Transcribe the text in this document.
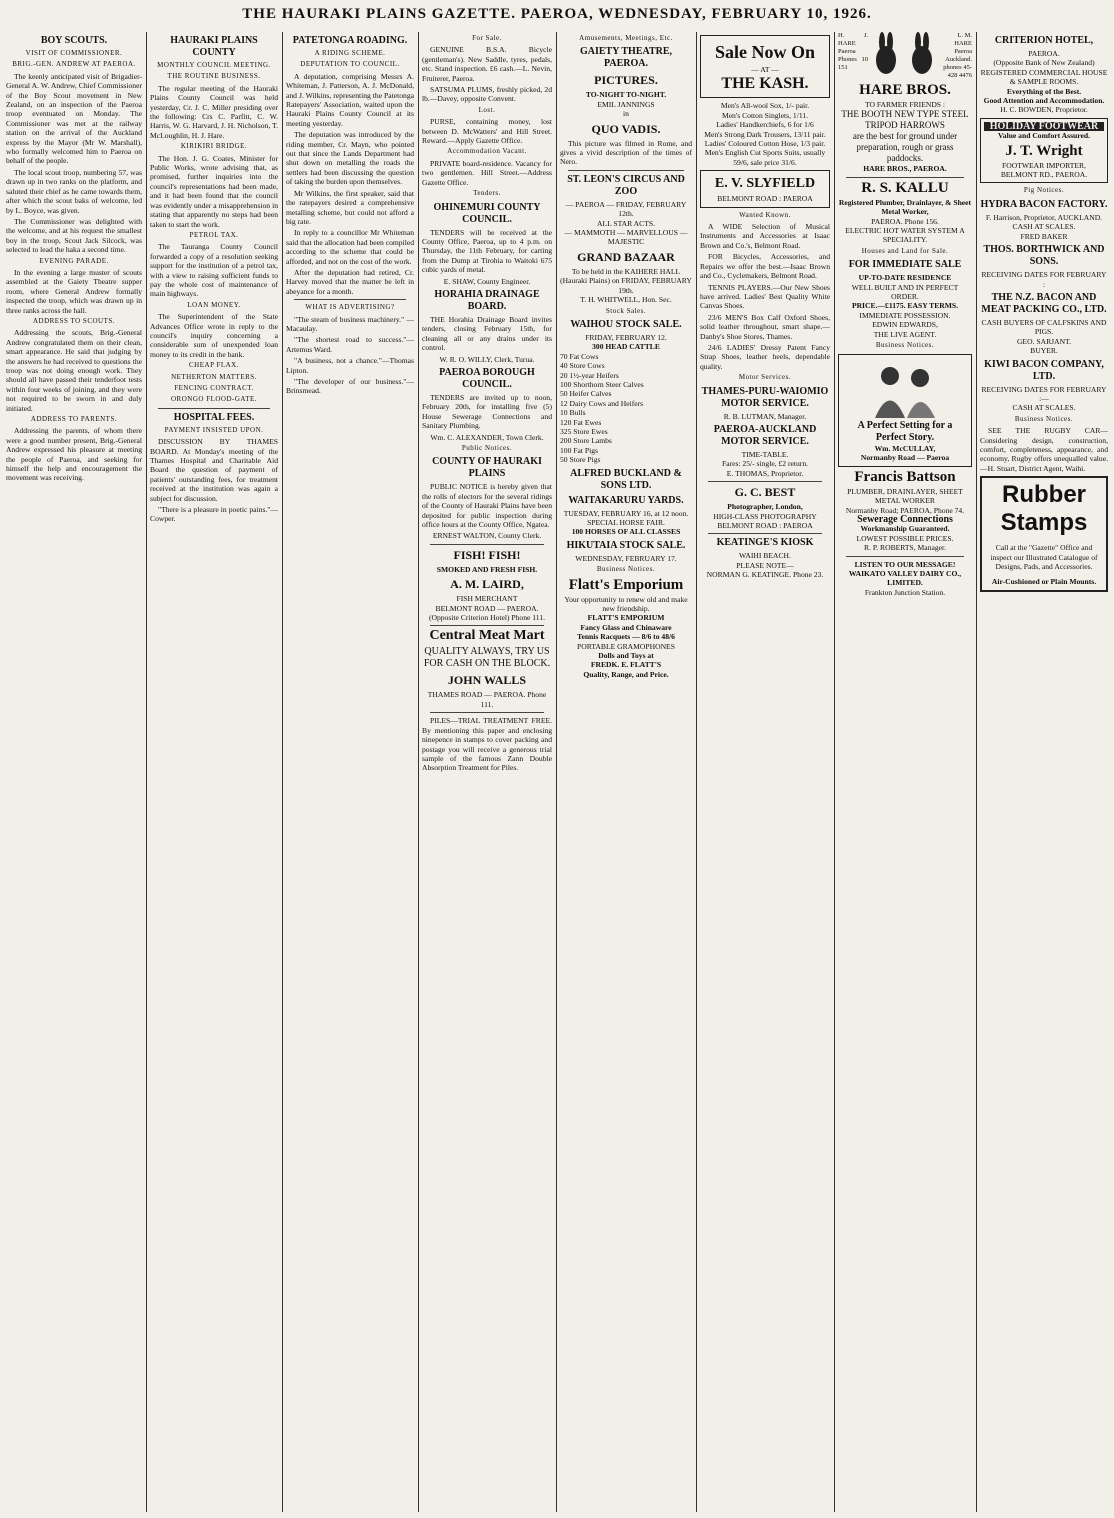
THE HAURAKI PLAINS GAZETTE. PAEROA, WEDNESDAY, FEBRUARY 10, 1926.
BOY SCOUTS.
VISIT OF COMMISSIONER.
BRIG.-GEN. ANDREW AT PAEROA.

The keenly anticipated visit of Brigadier-General A. W. Andrew, Chief Commissioner of the Boy Scout movement in New Zealand, on an inspection of the Paeroa troop eventuated on Monday. The Commissioner was met at the railway station on the arrival of the Auckland express by the Mayor (Mr W. Marshall), who formally welcomed him to Paeroa on behalf of the people.

The local scout troop, numbering 57, was drawn up in two ranks on the platform, and saluted their chief as he came towards them, after which the scout baks of welcome, led by L. Boyce, was given.

The Commissioner was delighted with the welcome, and at his request the smallest boy in the troop, Scout Jack Silcock, was selected to lead the haka a second time.

EVENING PARADE.

In the evening a large muster of scouts assembled at the Gaiety Theatre supper room, where General Andrew formally inspected the troop, which was drawn up in three ranks across the hall.

ADDRESS TO SCOUTS.

Addressing the scouts, Brig.-General Andrew congratulated them on their clean, smart appearance. He said that judging by the answers he had received to questions the troop was not doing enough work. They should all have passed their tenderfoot tests within four weeks of joining, and they were not required to be sworn in and duly initiated.

ADDRESS TO PARENTS.

Addressing the parents, of whom there were a good number present, Brig.-General Andrew expressed his pleasure at meeting the people of Paeroa, and seeking for himself the help and encouragement the movement was receiving.

HAURAKI PLAINS COUNTY
MONTHLY COUNCIL MEETING.
THE ROUTINE BUSINESS.

The regular meeting of the Hauraki Plains County Council was held yesterday, Cr. J. C. Miller presiding over the following: Crs C. Parfitt, C. W. Harris, W. G. Harvard, J. H. Nicholson, T. McLoughlin, H. J. Hare.

KIRIKIRI BRIDGE.

The Hon. J. G. Coates, Minister for Public Works, wrote advising that, as promised, further inquiries into the council's representations had been made, and it had been found that the council was evidently under a misapprehension in stating that apparently no steps had been taken to start the work.

PETROL TAX.

The Tauranga County Council forwarded a copy of a resolution seeking support for the institution of a petrol tax, with a view to raising sufficient funds to pay the whole cost of maintenance of main highways.

LOAN MONEY.

The Superintendent of the State Advances Office wrote in reply to the council's inquiry concerning a considerable sum of unexpended loan money to its credit in the bank.

CHEAP FLAX.
NETHERTON MATTERS.
FENCING CONTRACT.
ORONGO FLOOD-GATE.
HOSPITAL FEES.
PAYMENT INSISTED UPON.

DISCUSSION BY THAMES BOARD. At Monday's meeting of the Thames Hospital and Charitable Aid Board the question of payment of patients' outstanding fees, for treatment received at the institution was again a subject for discussion.

"There is a pleasure in poetic pains."—Cowper.

PATETONGA ROADING.
A RIDING SCHEME.
DEPUTATION TO COUNCIL.

A deputation, comprising Messrs A. Whiteman, J. Patterson, A. J. McDonald, and J. Wilkins, representing the Patetonga Ratepayers' Association, waited upon the Hauraki Plains County Council at its meeting yesterday.

The deputation was introduced by the riding member, Cr. Mayn, who pointed out that since the Lands Department had shut down on metalling the roads the settlers had been discussing the question of taking the burden upon themselves.

Mr Wilkins, the first speaker, said that the ratepayers desired a comprehensive metalling scheme, but could not afford a big rate.

In reply to a councillor Mr Whiteman said that the allocation had been compiled according to the scheme that could be afforded, and not on the cost of the work.

After the deputation had retired, Cr. Harvey moved that the matter be left in abeyance for a month.

WHAT IS ADVERTISING?

"The steam of business machinery." —Macaulay.

"The shortest road to success."—Artemus Ward.

"A business, not a chance."—Thomas Lipton.

"The developer of our business."—Brinsmead.

For Sale.

GENUINE B.S.A. Bicycle (gentleman's). New Saddle, tyres, pedals, etc. Stand inspection. £6 cash.—L. Nevin, Fruiterer, Paeroa.

SATSUMA PLUMS, freshly picked, 2d lb.—Davey, opposite Convent.

Lost.

PURSE, containing money, lost between D. McWatters' and Hill Street. Reward.—Apply Gazette Office.

Accommodation Vacant.

PRIVATE board-residence. Vacancy for two gentlemen. Hill Street.—Address Gazette Office.

Tenders.
OHINEMURI COUNTY COUNCIL.

TENDERS will be received at the County Office, Paeroa, up to 4 p.m. on Thursday, the 11th February, for carting from the Dump at Tirohia to Waitoki 675 cubic yards of metal.

E. SHAW, County Engineer.
HORAHIA DRAINAGE BOARD.

THE Horahia Drainage Board invites tenders, closing February 15th, for cleaning all or any drains under its control.

W. R. O. WILLY, Clerk, Turua.
PAEROA BOROUGH COUNCIL.

TENDERS are invited up to noon, February 20th, for installing five (5) House Sewerage Connections and Sanitary Plumbing.

Wm. C. ALEXANDER, Town Clerk.
Public Notices.
COUNTY OF HAURAKI PLAINS

PUBLIC NOTICE is hereby given that the rolls of electors for the several ridings of the County of Hauraki Plains have been deposited for public inspection during office hours at the County Office, Ngatea.

ERNEST WALTON, County Clerk.
FISH! FISH!
SMOKED AND FRESH FISH.
A. M. LAIRD,
FISH MERCHANT
BELMONT ROAD — PAEROA. (Opposite Criterion Hotel) Phone 111.
Central Meat Mart
QUALITY ALWAYS, TRY US FOR CASH ON THE BLOCK.
JOHN WALLS
THAMES ROAD — PAEROA. Phone 111.

PILES—TRIAL TREATMENT FREE. By mentioning this paper and enclosing ninepence in stamps to cover packing and postage you will receive a generous trial sample of the famous Zann Double Absorption Treatment for Piles.

Amusements, Meetings, Etc.
GAIETY THEATRE, PAEROA.
PICTURES.
TO-NIGHT TO-NIGHT.
EMIL JANNINGS
in
QUO VADIS.

This picture was filmed in Rome, and gives a vivid description of the times of Nero.

ST. LEON'S CIRCUS AND ZOO
— PAEROA — FRIDAY, FEBRUARY 12th.
ALL STAR ACTS.
— MAMMOTH — MARVELLOUS — MAJESTIC
GRAND BAZAAR
To be held in the KAIHERE HALL (Hauraki Plains) on FRIDAY, FEBRUARY 19th.
T. H. WHITWELL, Hon. Sec.
Stock Sales.
WAIHOU STOCK SALE.
FRIDAY, FEBRUARY 12.
300 HEAD CATTLE
70 Fat Cows
40 Store Cows
20 1½-year Heifers
100 Shorthorn Steer Calves
50 Heifer Calves
12 Dairy Cows and Heifers
10 Bulls
120 Fat Ewes
325 Store Ewes
200 Store Lambs
100 Fat Pigs
50 Store Pigs
ALFRED BUCKLAND & SONS LTD.
WAITAKARURU YARDS.
TUESDAY, FEBRUARY 16, at 12 noon.
SPECIAL HORSE FAIR.
100 HORSES OF ALL CLASSES
HIKUTAIA STOCK SALE.
WEDNESDAY, FEBRUARY 17.
Business Notices.
Flatt's Emporium
Your opportunity to renew old and make new friendship.
FLATT'S EMPORIUM
Fancy Glass and Chinaware
Tennis Racquets — 8/6 to 48/6
PORTABLE GRAMOPHONES
Dolls and Toys at
FREDK. E. FLATT'S
Quality, Range, and Price.
Sale Now On
— AT —
THE KASH.
Men's All-wool Sox, 1/- pair.
Men's Cotton Singlets, 1/11.
Ladies' Handkerchiefs, 6 for 1/6
Men's Strong Dark Trousers, 13/11 pair.
Ladies' Coloured Cotton Hose, 1/3 pair.
Men's English Cut Sports Suits, usually 59/6, sale price 31/6.
E. V. SLYFIELD
BELMONT ROAD : PAEROA
Wanted Known.

A WIDE Selection of Musical Instruments and Accessories at Isaac Brown and Co.'s, Belmont Road.

FOR Bicycles, Accessories, and Repairs we offer the best.—Isaac Brown and Co., Cyclemakers, Belmont Road.

TENNIS PLAYERS.—Our New Shoes have arrived. Ladies' Best Quality White Canvas Shoes.

23/6 MEN'S Box Calf Oxford Shoes, solid leather throughout, smart shape.—Danby's Shoe Stores, Thames.

24/6 LADIES' Dressy Patent Fancy Strap Shoes, leather heels, dependable quality.

Motor Services.
THAMES-PURU-WAIOMIO MOTOR SERVICE.
R. B. LUTMAN, Manager.
PAEROA-AUCKLAND MOTOR SERVICE.
TIME-TABLE.
Fares: 25/- single, £2 return.
E. THOMAS, Proprietor.
G. C. BEST
Photographer, London,
HIGH-CLASS PHOTOGRAPHY
BELMONT ROAD : PAEROA
KEATINGE'S KIOSK
WAIHI BEACH.
PLEASE NOTE—
NORMAN G. KEATINGE. Phone 23.
H. J. HARE Paeroa Phones 10 151
L. M. HARE Paeroa Auckland. phones 45-428 4476
HARE BROS.
TO FARMER FRIENDS :
THE BOOTH NEW TYPE STEEL TRIPOD HARROWS
are the best for ground under preparation, rough or grass paddocks.
HARE BROS., PAEROA.
R. S. KALLU
Registered Plumber, Drainlayer, & Sheet Metal Worker,
PAEROA. Phone 156.
ELECTRIC HOT WATER SYSTEM A SPECIALITY.
Houses and Land for Sale.
FOR IMMEDIATE SALE
UP-TO-DATE RESIDENCE
WELL BUILT AND IN PERFECT ORDER.
PRICE.—£1175. EASY TERMS.
IMMEDIATE POSSESSION.
EDWIN EDWARDS,
THE LIVE AGENT.
Business Notices.
A Perfect Setting for a Perfect Story.
Wm. McCULLAY,
Normanby Road — Paeroa
Francis Battson
PLUMBER, DRAINLAYER, SHEET METAL WORKER
Normanby Road; PAEROA, Phone 74.
Sewerage Connections
Workmanship Guaranteed.
LOWEST POSSIBLE PRICES.
R. P. ROBERTS, Manager.
LISTEN TO OUR MESSAGE!
WAIKATO VALLEY DAIRY CO., LIMITED.
Frankton Junction Station.
CRITERION HOTEL,
PAEROA.
(Opposite Bank of New Zealand)
REGISTERED COMMERCIAL HOUSE & SAMPLE ROOMS.
Everything of the Best.
Good Attention and Accommodation.
H. C. BOWDEN, Proprietor.
HOLIDAY FOOTWEAR
Value and Comfort Assured.
J. T. Wright
FOOTWEAR IMPORTER, BELMONT RD., PAEROA.
Pig Notices.
HYDRA BACON FACTORY.
F. Harrison, Proprietor, AUCKLAND.
CASH AT SCALES.
FRED BAKER
THOS. BORTHWICK AND SONS.
RECEIVING DATES FOR FEBRUARY :
THE N.Z. BACON AND MEAT PACKING CO., LTD.
CASH BUYERS OF CALFSKINS AND PIGS.
GEO. SARJANT.
BUYER.
KIWI BACON COMPANY, LTD.
RECEIVING DATES FOR FEBRUARY :—
CASH AT SCALES.
Business Notices.

SEE THE RUGBY CAR—Considering design, construction, comfort, completeness, appearance, and economy, Rugby offers unequalled value.—H. Stuart, District Agent, Waihi.

Rubber
Stamps
Call at the "Gazette" Office and inspect our Illustrated Catalogue of Designs, Pads, and Accessories.
Air-Cushioned or Plain Mounts.
